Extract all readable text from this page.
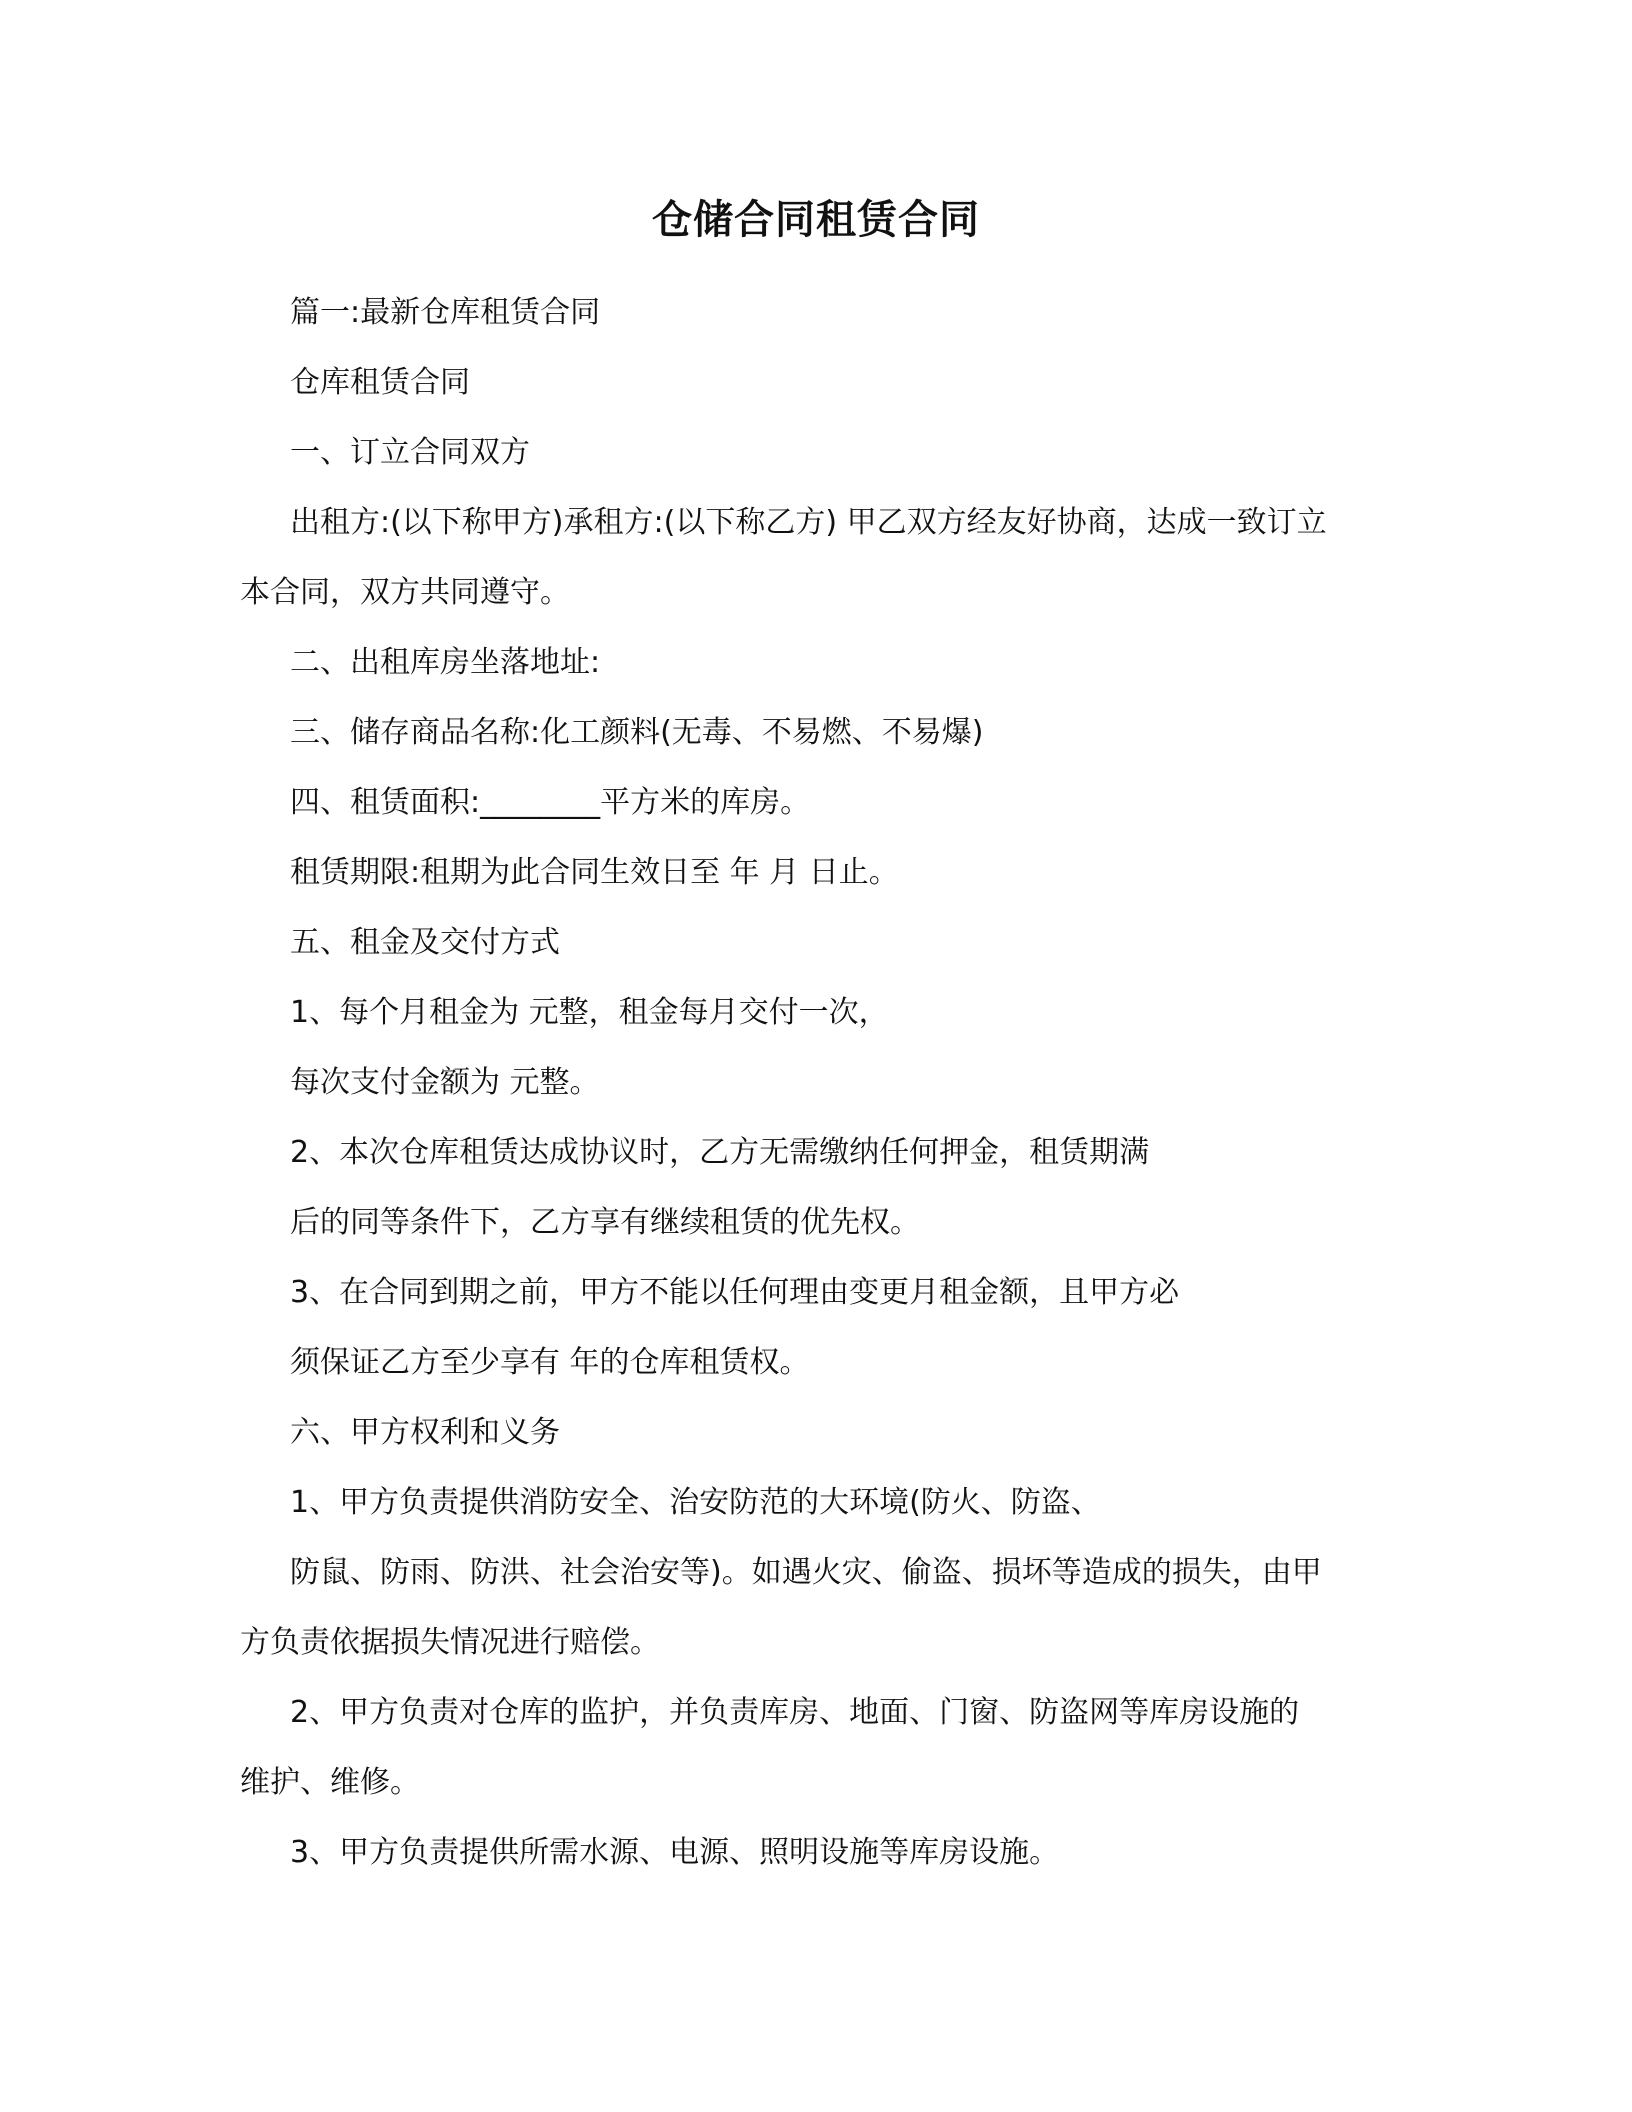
仓储合同租赁合同

篇一:最新仓库租赁合同

仓库租赁合同

一、订立合同双方

出租方:(以下称甲方)承租方:(以下称乙方) 甲乙双方经友好协商，达成一致订立

本合同，双方共同遵守。

二、出租库房坐落地址:

三、储存商品名称:化工颜料(无毒、不易燃、不易爆)

四、租赁面积:________平方米的库房。

租赁期限:租期为此合同生效日至 年 月 日止。

五、租金及交付方式

1、每个月租金为 元整，租金每月交付一次，

每次支付金额为 元整。

2、本次仓库租赁达成协议时，乙方无需缴纳任何押金，租赁期满

后的同等条件下，乙方享有继续租赁的优先权。

3、在合同到期之前，甲方不能以任何理由变更月租金额，且甲方必

须保证乙方至少享有 年的仓库租赁权。

六、甲方权利和义务

1、甲方负责提供消防安全、治安防范的大环境(防火、防盗、

防鼠、防雨、防洪、社会治安等)。如遇火灾、偷盗、损坏等造成的损失，由甲

方负责依据损失情况进行赔偿。

2、甲方负责对仓库的监护，并负责库房、地面、门窗、防盗网等库房设施的

维护、维修。

3、甲方负责提供所需水源、电源、照明设施等库房设施。
